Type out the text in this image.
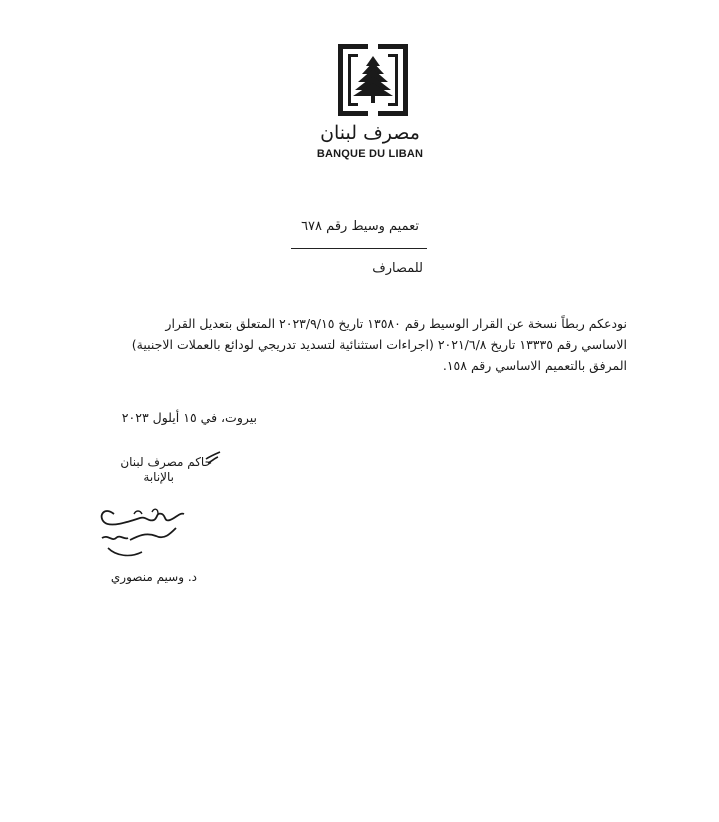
مصرف لبنان
BANQUE DU LIBAN
تعميم وسيط رقم ٦٧٨
للمصارف
نودعكم ربطاً نسخة عن القرار الوسيط رقم ١٣٥٨٠ تاريخ ٢٠٢٣/٩/١٥ المتعلق بتعديل القرار
الاساسي رقم ١٣٣٣٥ تاريخ ٢٠٢١/٦/٨ (اجراءات استثنائية لتسديد تدريجي لودائع بالعملات الاجنبية)
المرفق بالتعميم الاساسي رقم ١٥٨.
بيروت، في ١٥ أيلول ٢٠٢٣
حاكم مصرف لبنان
بالإنابة
د. وسيم منصوري
